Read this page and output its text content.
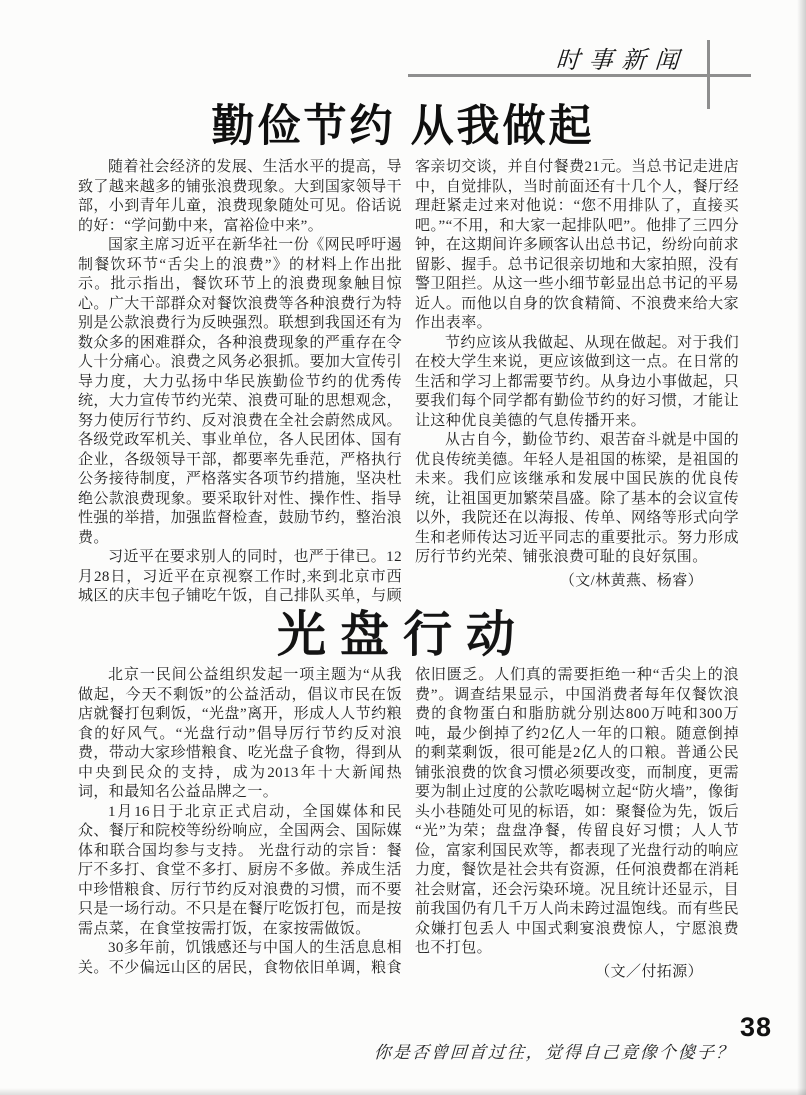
时事新闻
勤俭节约 从我做起

随着社会经济的发展、生活水平的提高，导致了越来越多的铺张浪费现象。大到国家领导干部，小到青年儿童，浪费现象随处可见。俗话说的好：“学问勤中来，富裕俭中来”。

国家主席习近平在新华社一份《网民呼吁遏制餐饮环节“舌尖上的浪费”》的材料上作出批示。批示指出，餐饮环节上的浪费现象触目惊心。广大干部群众对餐饮浪费等各种浪费行为特别是公款浪费行为反映强烈。联想到我国还有为数众多的困难群众，各种浪费现象的严重存在令人十分痛心。浪费之风务必狠抓。要加大宣传引导力度，大力弘扬中华民族勤俭节约的优秀传统，大力宣传节约光荣、浪费可耻的思想观念，努力使厉行节约、反对浪费在全社会蔚然成风。各级党政军机关、事业单位，各人民团体、国有企业，各级领导干部，都要率先垂范，严格执行公务接待制度，严格落实各项节约措施，坚决杜绝公款浪费现象。要采取针对性、操作性、指导性强的举措，加强监督检查，鼓励节约，整治浪费。

习近平在要求别人的同时，也严于律已。12月28日，习近平在京视察工作时,来到北京市西城区的庆丰包子铺吃午饭，自己排队买单，与顾客亲切交谈，并自付餐费21元。当总书记走进店中，自觉排队，当时前面还有十几个人，餐厅经理赶紧走过来对他说：“您不用排队了，直接买吧。”“不用，和大家一起排队吧”。他排了三四分钟，在这期间许多顾客认出总书记，纷纷向前求留影、握手。总书记很亲切地和大家拍照，没有警卫阻拦。从这一些小细节彰显出总书记的平易近人。而他以自身的饮食精简、不浪费来给大家作出表率。

节约应该从我做起、从现在做起。对于我们在校大学生来说，更应该做到这一点。在日常的生活和学习上都需要节约。从身边小事做起，只要我们每个同学都有勤俭节约的好习惯，才能让让这种优良美德的气息传播开来。

从古自今，勤俭节约、艰苦奋斗就是中国的优良传统美德。年轻人是祖国的栋梁，是祖国的未来。我们应该继承和发展中国民族的优良传统，让祖国更加繁荣昌盛。除了基本的会议宣传以外，我院还在以海报、传单、网络等形式向学生和老师传达习近平同志的重要批示。努力形成厉行节约光荣、铺张浪费可耻的良好氛围。

（文/林黄燕、杨睿）

光盘行动

北京一民间公益组织发起一项主题为“从我做起，今天不剩饭”的公益活动，倡议市民在饭店就餐打包剩饭，“光盘”离开，形成人人节约粮食的好风气。“光盘行动”倡导厉行节约反对浪费，带动大家珍惜粮食、吃光盘子食物，得到从中央到民众的支持，成为2013年十大新闻热词，和最知名公益品牌之一。

1月16日于北京正式启动，全国媒体和民众、餐厅和院校等纷纷响应，全国两会、国际媒体和联合国均参与支持。 光盘行动的宗旨：餐厅不多打、食堂不多打、厨房不多做。养成生活中珍惜粮食、厉行节约反对浪费的习惯，而不要只是一场行动。不只是在餐厅吃饭打包，而是按需点菜，在食堂按需打饭，在家按需做饭。

30多年前，饥饿感还与中国人的生活息息相关。不少偏远山区的居民，食物依旧单调，粮食依旧匮乏。人们真的需要拒绝一种“舌尖上的浪费”。调查结果显示，中国消费者每年仅餐饮浪费的食物蛋白和脂肪就分别达800万吨和300万吨，最少倒掉了约2亿人一年的口粮。随意倒掉的剩菜剩饭，很可能是2亿人的口粮。普通公民铺张浪费的饮食习惯必须要改变，而制度，更需要为制止过度的公款吃喝树立起“防火墙”，像街头小巷随处可见的标语，如：聚餐俭为先，饭后“光”为荣；盘盘净餐，传留良好习惯；人人节俭，富家利国民欢等，都表现了光盘行动的响应力度，餐饮是社会共有资源，任何浪费都在消耗社会财富，还会污染环境。况且统计还显示，目前我国仍有几千万人尚未跨过温饱线。而有些民众嫌打包丢人 中国式剩宴浪费惊人，宁愿浪费也不打包。

（文／付拓源）

你是否曾回首过往，觉得自己竟像个傻子？
38
